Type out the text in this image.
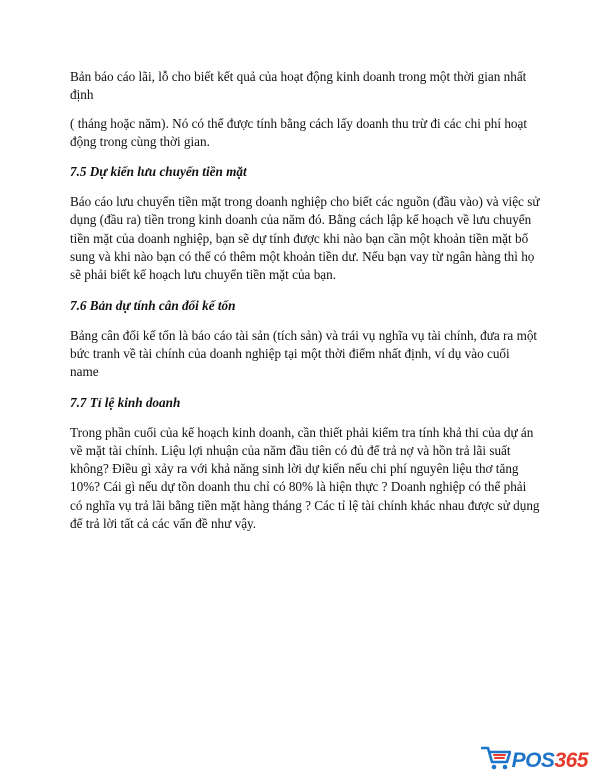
Bản báo cáo lãi, lỗ cho biết kết quả của hoạt động kinh doanh trong một thời gian nhất định

( tháng hoặc năm). Nó có thể được tính bằng cách lấy doanh thu trừ đi các chi phí hoạt động trong cùng thời gian.

7.5 Dự kiến lưu chuyển tiền mặt

Báo cáo lưu chuyển tiền mặt trong doanh nghiệp cho biết các nguồn (đầu vào) và việc sử dụng (đầu ra) tiền trong kinh doanh của năm đó. Bằng cách lập kế hoạch về lưu chuyển tiền mặt của doanh nghiệp, bạn sẽ dự tính được khi nào bạn cần một khoản tiền mặt bổ sung và khi nào bạn có thể có thêm một khoản tiền dư. Nếu bạn vay từ ngân hàng thì họ sẽ phải biết kế hoạch lưu chuyển tiền mặt của bạn.

7.6 Bản dự tính cân đối kế tốn

Bảng cân đối kế tốn là báo cáo tài sản (tích sản) và trái vụ nghĩa vụ tài chính, đưa ra một bức tranh về tài chính của doanh nghiệp tại một thời điểm nhất định, ví dụ vào cuối name

7.7 Tỉ lệ kinh doanh

Trong phần cuối của kế hoạch kinh doanh, cần thiết phải kiểm tra tính khả thi của dự án về mặt tài chính. Liệu lợi nhuận của năm đầu tiên có đủ để trả nợ và hồn trả lãi suất không? Điều gì xảy ra với khả năng sinh lời dự kiến nếu chi phí nguyên liệu thơ tăng 10%? Cái gì nếu dự tồn doanh thu chỉ có 80% là hiện thực ? Doanh nghiệp có thể phải có nghĩa vụ trả lãi bằng tiền mặt hàng tháng ? Các tỉ lệ tài chính khác nhau được sử dụng để trả lời tất cả các vấn đề như vậy.

POS 365
